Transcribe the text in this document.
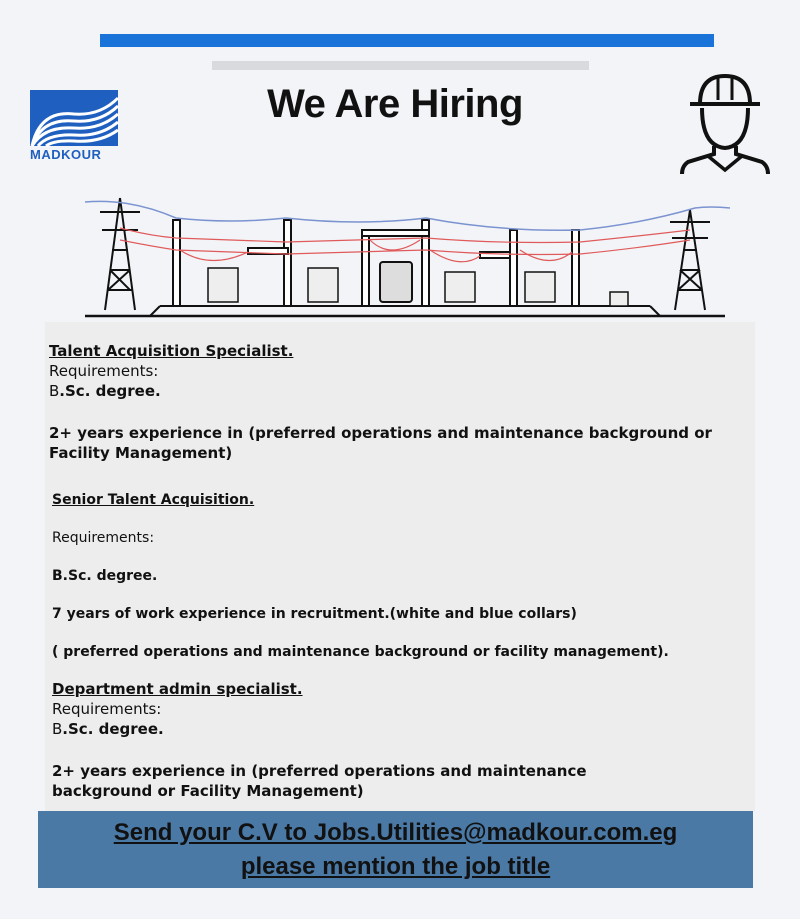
MADKOUR
We Are Hiring
Talent Acquisition Specialist.
Requirements:
B.Sc. degree.
2+ years experience in (preferred operations and maintenance background or Facility Management)
Senior Talent Acquisition.
Requirements:
B.Sc. degree.
7 years of work experience in recruitment.(white and blue collars)
( preferred operations and maintenance background or facility management).
Department admin specialist.
Requirements:
B.Sc. degree.
2+ years experience in (preferred operations and maintenance
background or Facility Management)
Send your C.V to Jobs.Utilities@madkour.com.eg
please mention the job title
